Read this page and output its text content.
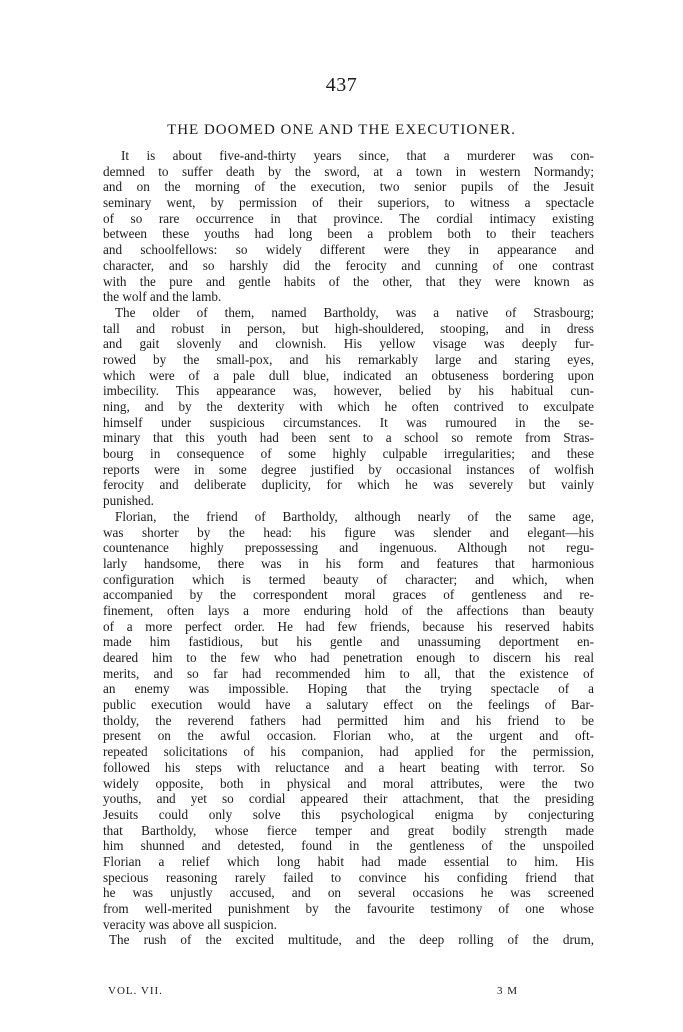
437
THE DOOMED ONE AND THE EXECUTIONER.
It is about five-and-thirty years since, that a murderer was con-
demned to suffer death by the sword, at a town in western Normandy;
and on the morning of the execution, two senior pupils of the Jesuit
seminary went, by permission of their superiors, to witness a spectacle
of so rare occurrence in that province. The cordial intimacy existing
between these youths had long been a problem both to their teachers
and schoolfellows: so widely different were they in appearance and
character, and so harshly did the ferocity and cunning of one contrast
with the pure and gentle habits of the other, that they were known as
the wolf and the lamb.
The older of them, named Bartholdy, was a native of Strasbourg;
tall and robust in person, but high-shouldered, stooping, and in dress
and gait slovenly and clownish. His yellow visage was deeply fur-
rowed by the small-pox, and his remarkably large and staring eyes,
which were of a pale dull blue, indicated an obtuseness bordering upon
imbecility. This appearance was, however, belied by his habitual cun-
ning, and by the dexterity with which he often contrived to exculpate
himself under suspicious circumstances. It was rumoured in the se-
minary that this youth had been sent to a school so remote from Stras-
bourg in consequence of some highly culpable irregularities; and these
reports were in some degree justified by occasional instances of wolfish
ferocity and deliberate duplicity, for which he was severely but vainly
punished.
Florian, the friend of Bartholdy, although nearly of the same age,
was shorter by the head: his figure was slender and elegant—his
countenance highly prepossessing and ingenuous. Although not regu-
larly handsome, there was in his form and features that harmonious
configuration which is termed beauty of character; and which, when
accompanied by the correspondent moral graces of gentleness and re-
finement, often lays a more enduring hold of the affections than beauty
of a more perfect order. He had few friends, because his reserved habits
made him fastidious, but his gentle and unassuming deportment en-
deared him to the few who had penetration enough to discern his real
merits, and so far had recommended him to all, that the existence of
an enemy was impossible. Hoping that the trying spectacle of a
public execution would have a salutary effect on the feelings of Bar-
tholdy, the reverend fathers had permitted him and his friend to be
present on the awful occasion. Florian who, at the urgent and oft-
repeated solicitations of his companion, had applied for the permission,
followed his steps with reluctance and a heart beating with terror. So
widely opposite, both in physical and moral attributes, were the two
youths, and yet so cordial appeared their attachment, that the presiding
Jesuits could only solve this psychological enigma by conjecturing
that Bartholdy, whose fierce temper and great bodily strength made
him shunned and detested, found in the gentleness of the unspoiled
Florian a relief which long habit had made essential to him. His
specious reasoning rarely failed to convince his confiding friend that
he was unjustly accused, and on several occasions he was screened
from well-merited punishment by the favourite testimony of one whose
veracity was above all suspicion.
The rush of the excited multitude, and the deep rolling of the drum,
VOL. VII.	3 M
